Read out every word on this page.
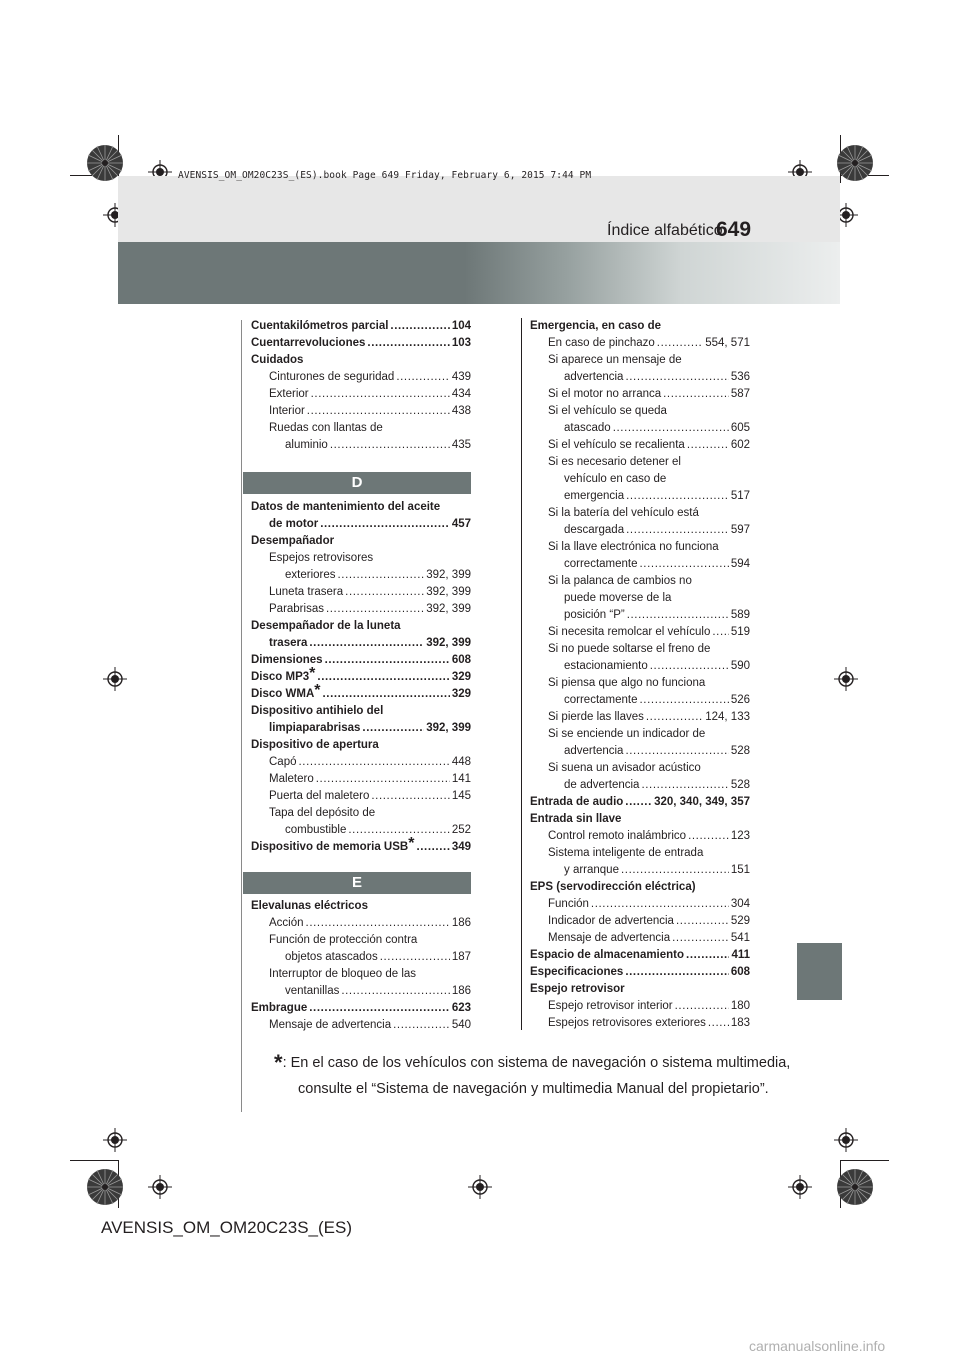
AVENSIS_OM_OM20C23S_(ES).book Page 649 Friday, February 6, 2015 7:44 PM
649
Índice alfabético
Cuentakilómetros parcial .....	104
Cuentarrevoluciones .....	103
Cuidados
Cinturones de seguridad .....	439
Exterior .....	434
Interior .....	438
Ruedas con llantas de
aluminio .....	435
D
Datos de mantenimiento del aceite
de motor .....	457
Desempañador
Espejos retrovisores
exteriores .....	392, 399
Luneta trasera .....	392, 399
Parabrisas .....	392, 399
Desempañador de la luneta
trasera .....	392, 399
Dimensiones .....	608
Disco MP3* .....	329
Disco WMA* .....	329
Dispositivo antihielo del
limpiaparabrisas .....	392, 399
Dispositivo de apertura
Capó .....	448
Maletero .....	141
Puerta del maletero .....	145
Tapa del depósito de
combustible .....	252
Dispositivo de memoria USB* .....	349
E
Elevalunas eléctricos
Acción .....	186
Función de protección contra
objetos atascados .....	187
Interruptor de bloqueo de las
ventanillas .....	186
Embrague .....	623
Mensaje de advertencia .....	540
Emergencia, en caso de
En caso de pinchazo .....	554, 571
Si aparece un mensaje de
advertencia .....	536
Si el motor no arranca .....	587
Si el vehículo se queda
atascado .....	605
Si el vehículo se recalienta .....	602
Si es necesario detener el
vehículo en caso de
emergencia .....	517
Si la batería del vehículo está
descargada .....	597
Si la llave electrónica no funciona
correctamente .....	594
Si la palanca de cambios no
puede moverse de la
posición “P” .....	589
Si necesita remolcar el vehículo ..... 519
Si no puede soltarse el freno de
estacionamiento .....	590
Si piensa que algo no funciona
correctamente .....	526
Si pierde las llaves .....	124, 133
Si se enciende un indicador de
advertencia .....	528
Si suena un avisador acústico
de advertencia .....	528
Entrada de audio .....	320, 340, 349, 357
Entrada sin llave
Control remoto inalámbrico .....	123
Sistema inteligente de entrada
y arranque .....	151
EPS (servodirección eléctrica)
Función .....	304
Indicador de advertencia .....	529
Mensaje de advertencia .....	541
Espacio de almacenamiento .....	411
Especificaciones .....	608
Espejo retrovisor
Espejo retrovisor interior .....	180
Espejos retrovisores exteriores ..... 183
*: En el caso de los vehículos con sistema de navegación o sistema multimedia,
consulte el “Sistema de navegación y multimedia Manual del propietario”.
AVENSIS_OM_OM20C23S_(ES)
carmanualsonline.info
